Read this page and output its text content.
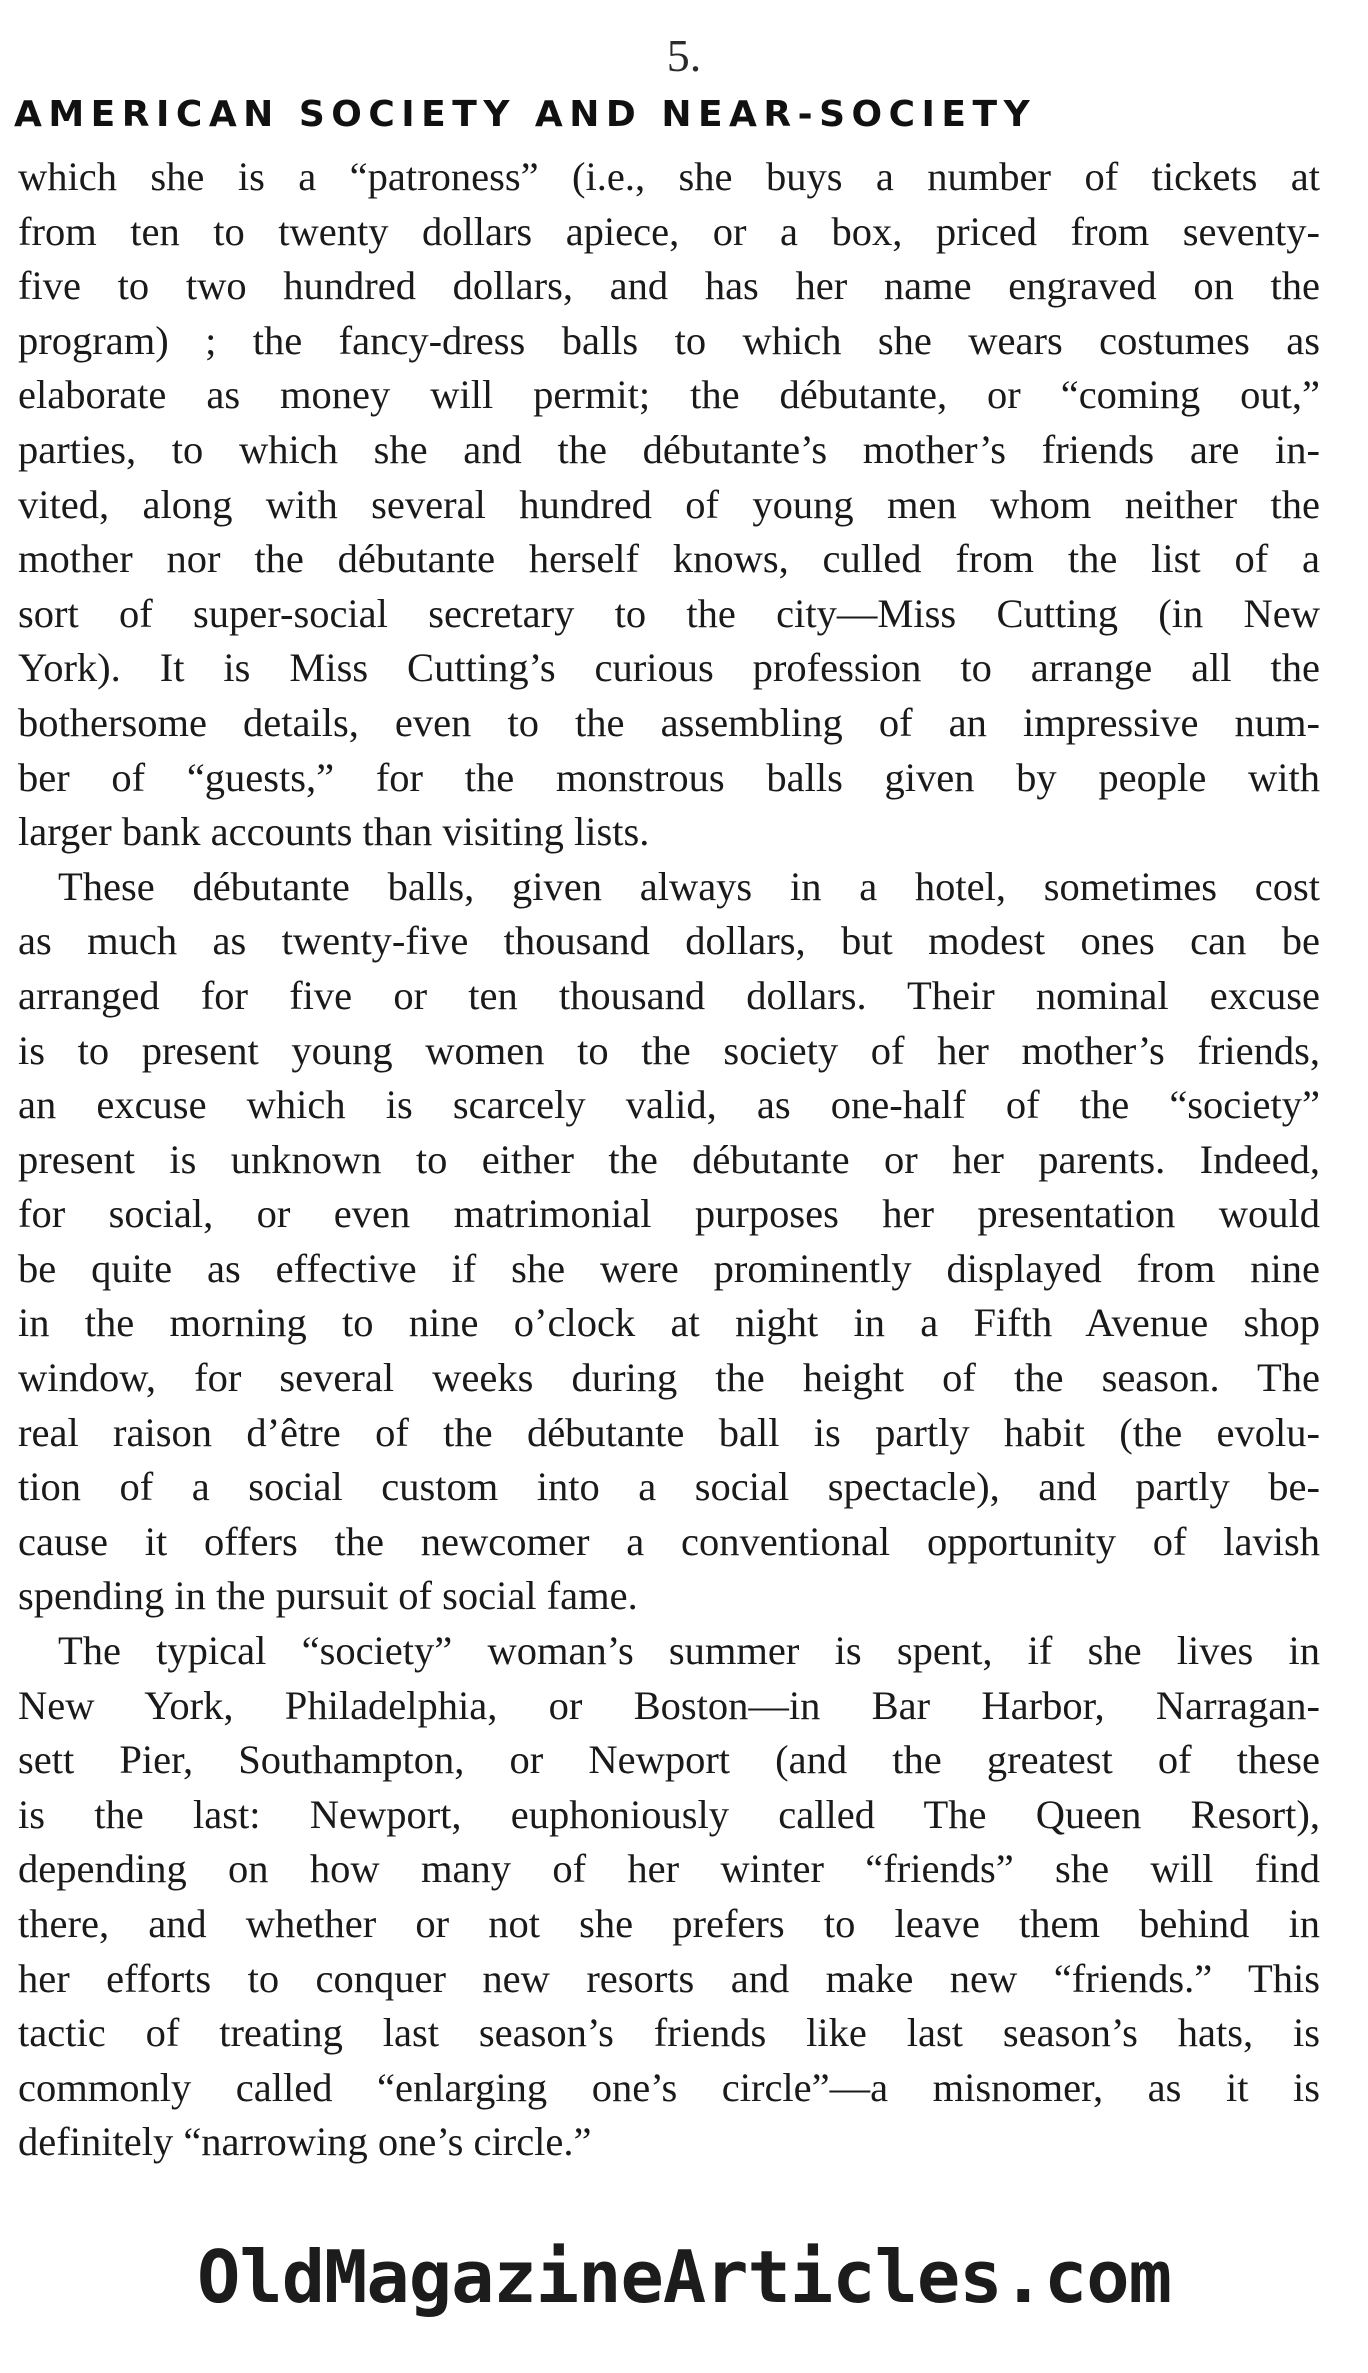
5.
AMERICAN SOCIETY AND NEAR-SOCIETY
which she is a “patroness” (i.e., she buys a number of tickets at
from ten to twenty dollars apiece, or a box, priced from seventy-
five to two hundred dollars, and has her name engraved on the
program) ; the fancy-dress balls to which she wears costumes as
elaborate as money will permit; the débutante, or “coming out,”
parties, to which she and the débutante’s mother’s friends are in-
vited, along with several hundred of young men whom neither the
mother nor the débutante herself knows, culled from the list of a
sort of super-social secretary to the city—Miss Cutting (in New
York). It is Miss Cutting’s curious profession to arrange all the
bothersome details, even to the assembling of an impressive num-
ber of “guests,” for the monstrous balls given by people with
larger bank accounts than visiting lists.
These débutante balls, given always in a hotel, sometimes cost
as much as twenty-five thousand dollars, but modest ones can be
arranged for five or ten thousand dollars. Their nominal excuse
is to present young women to the society of her mother’s friends,
an excuse which is scarcely valid, as one-half of the “society”
present is unknown to either the débutante or her parents. Indeed,
for social, or even matrimonial purposes her presentation would
be quite as effective if she were prominently displayed from nine
in the morning to nine o’clock at night in a Fifth Avenue shop
window, for several weeks during the height of the season. The
real raison d’être of the débutante ball is partly habit (the evolu-
tion of a social custom into a social spectacle), and partly be-
cause it offers the newcomer a conventional opportunity of lavish
spending in the pursuit of social fame.
The typical “society” woman’s summer is spent, if she lives in
New York, Philadelphia, or Boston—in Bar Harbor, Narragan-
sett Pier, Southampton, or Newport (and the greatest of these
is the last: Newport, euphoniously called The Queen Resort),
depending on how many of her winter “friends” she will find
there, and whether or not she prefers to leave them behind in
her efforts to conquer new resorts and make new “friends.” This
tactic of treating last season’s friends like last season’s hats, is
commonly called “enlarging one’s circle”—a misnomer, as it is
definitely “narrowing one’s circle.”
OldMagazineArticles.com
